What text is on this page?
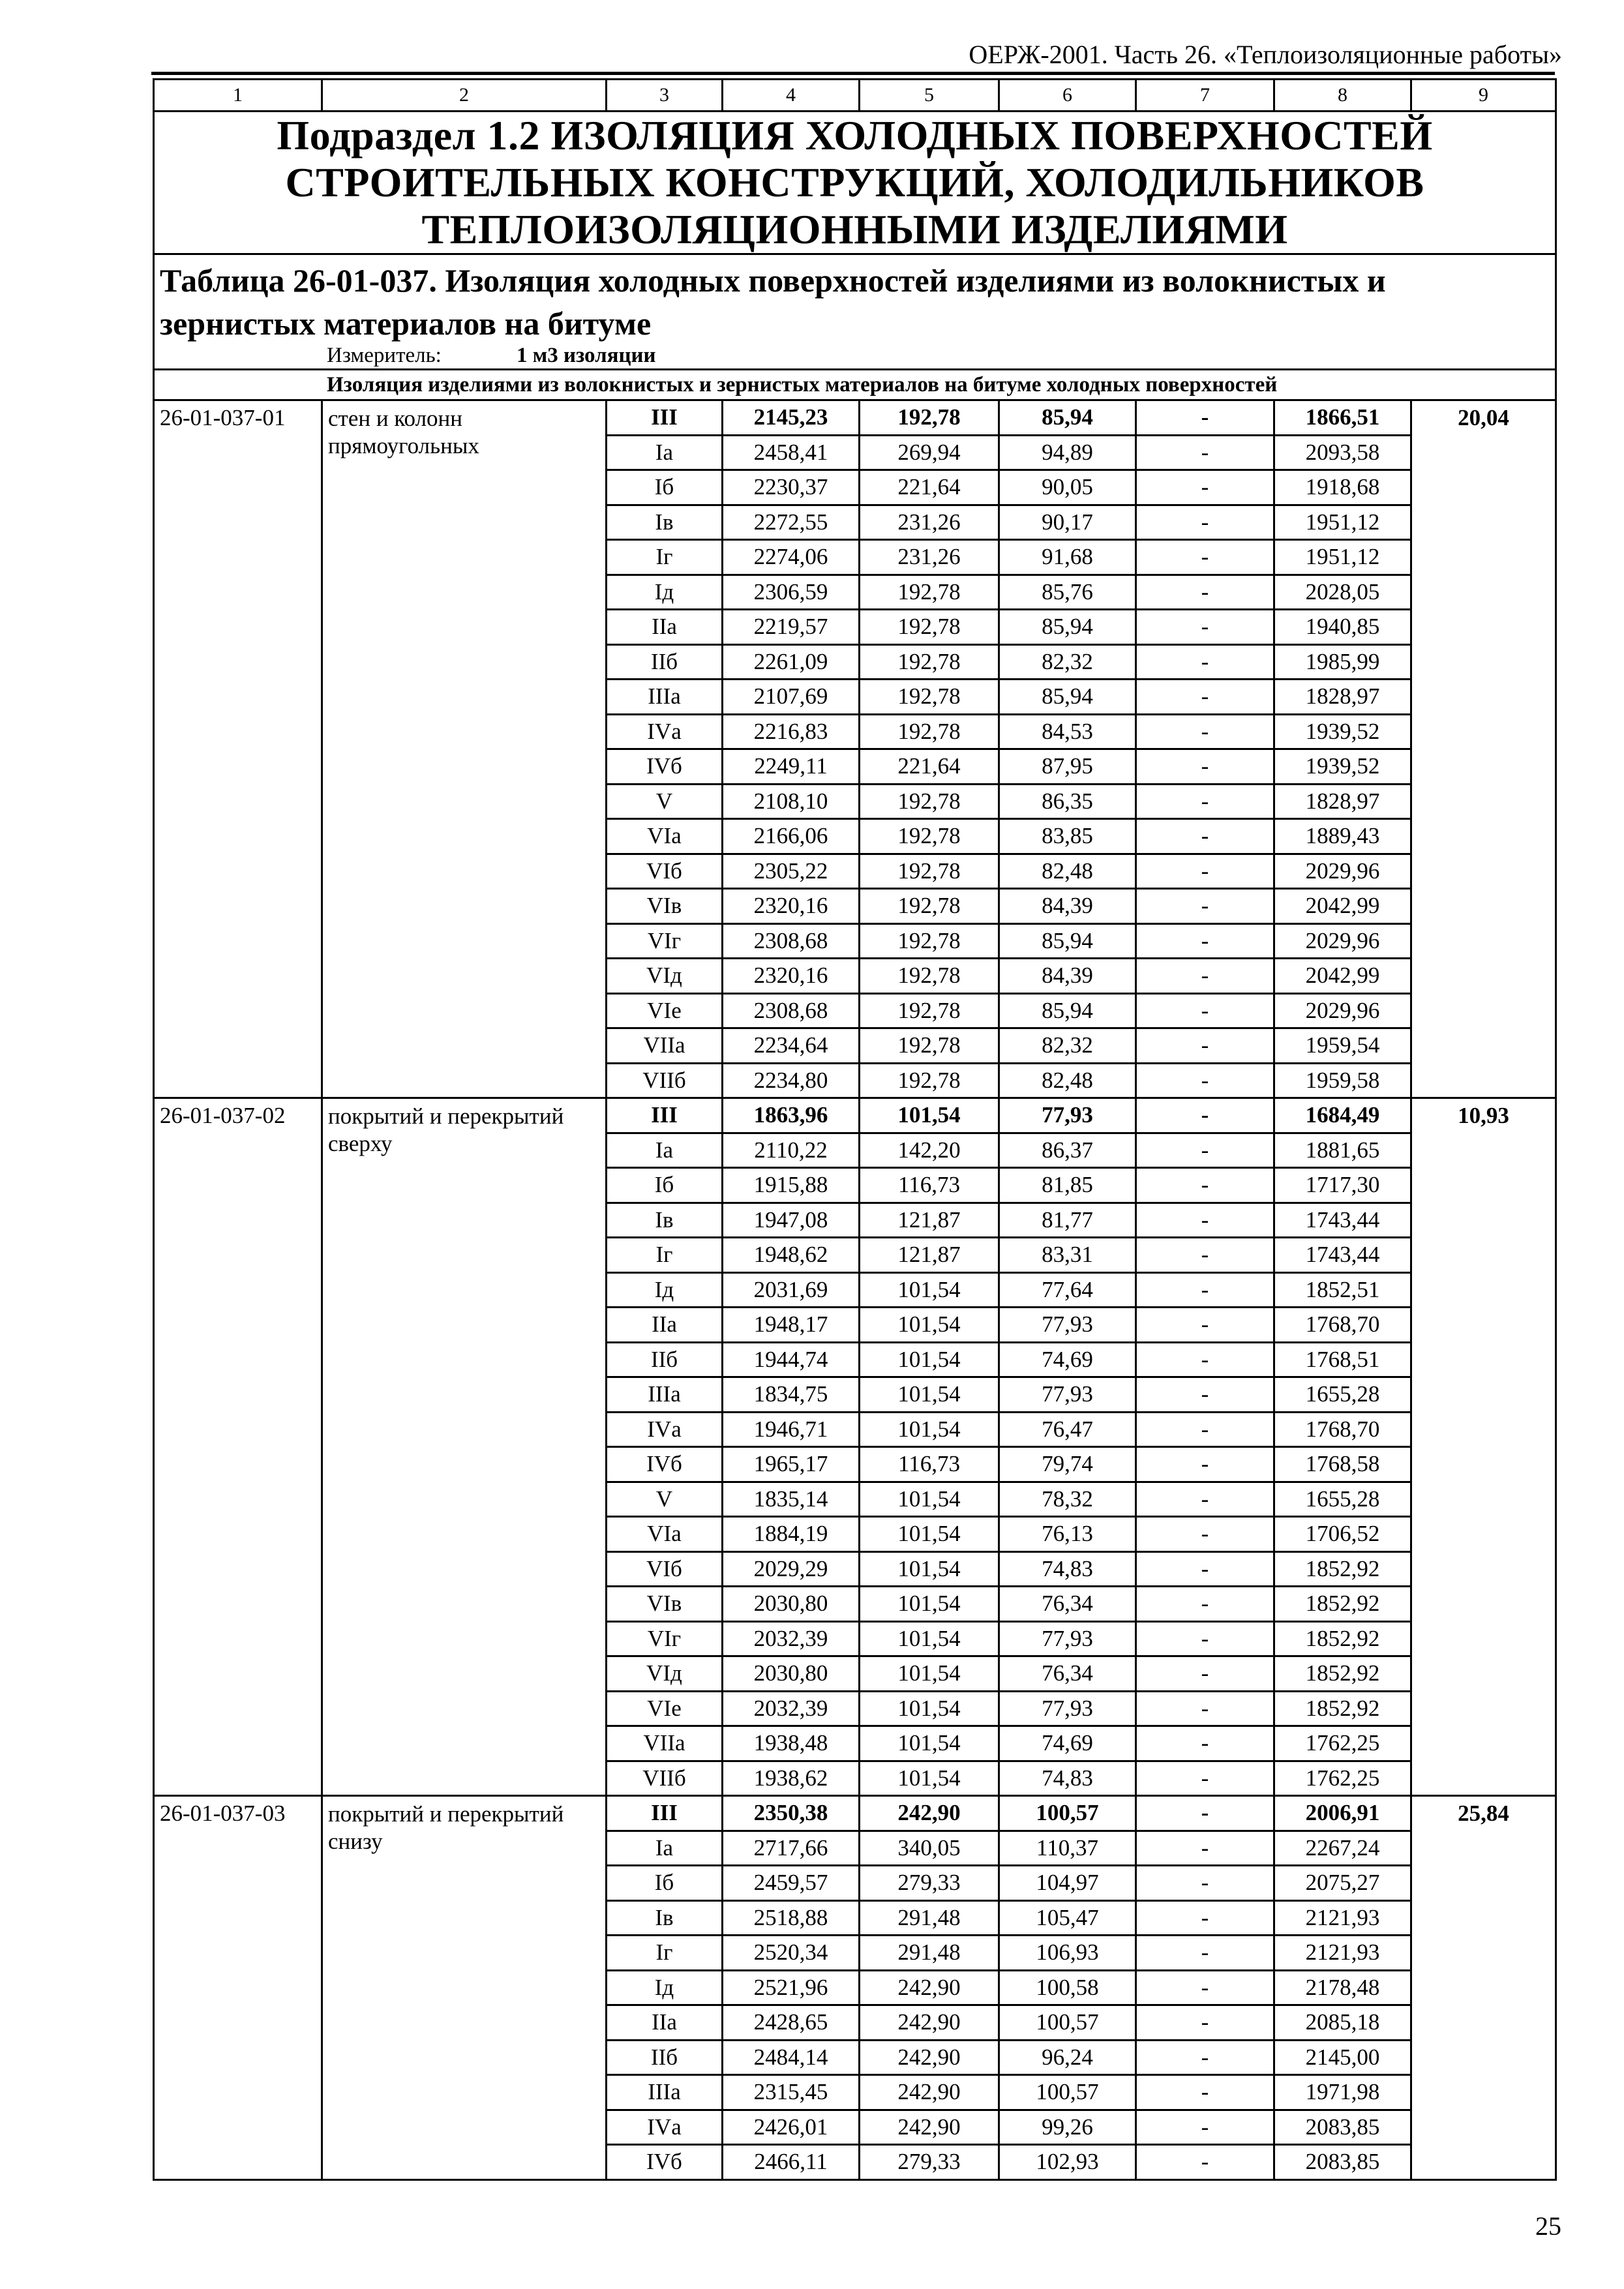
ОЕРЖ-2001. Часть 26. «Теплоизоляционные работы»
1	2	3	4	5	6	7	8	9

Подраздел 1.2 ИЗОЛЯЦИЯ ХОЛОДНЫХ ПОВЕРХНОСТЕЙ
СТРОИТЕЛЬНЫХ КОНСТРУКЦИЙ, ХОЛОДИЛЬНИКОВ
ТЕПЛОИЗОЛЯЦИОННЫМИ ИЗДЕЛИЯМИ								

Таблица 26-01-037. Изоляция холодных поверхностей изделиями из волокнистых и
зернистых материалов на битуме
Измеритель: 1 м3 изоляции								

Изоляция изделиями из волокнистых и зернистых материалов на битуме холодных поверхностей								
26-01-037-01	стен и колонн прямоугольных	III	2145,23	192,78	85,94	-	1866,51	20,04
		Iа	2458,41	269,94	94,89	-	2093,58	
		Iб	2230,37	221,64	90,05	-	1918,68	
		Iв	2272,55	231,26	90,17	-	1951,12	
		Iг	2274,06	231,26	91,68	-	1951,12	
		Iд	2306,59	192,78	85,76	-	2028,05	
		IIа	2219,57	192,78	85,94	-	1940,85	
		IIб	2261,09	192,78	82,32	-	1985,99	
		IIIа	2107,69	192,78	85,94	-	1828,97	
		IVа	2216,83	192,78	84,53	-	1939,52	
		IVб	2249,11	221,64	87,95	-	1939,52	
		V	2108,10	192,78	86,35	-	1828,97	
		VIа	2166,06	192,78	83,85	-	1889,43	
		VIб	2305,22	192,78	82,48	-	2029,96	
		VIв	2320,16	192,78	84,39	-	2042,99	
		VIг	2308,68	192,78	85,94	-	2029,96	
		VIд	2320,16	192,78	84,39	-	2042,99	
		VIе	2308,68	192,78	85,94	-	2029,96	
		VIIа	2234,64	192,78	82,32	-	1959,54	
		VIIб	2234,80	192,78	82,48	-	1959,58	
26-01-037-02	покрытий и перекрытий сверху	III	1863,96	101,54	77,93	-	1684,49	10,93
		Iа	2110,22	142,20	86,37	-	1881,65	
		Iб	1915,88	116,73	81,85	-	1717,30	
		Iв	1947,08	121,87	81,77	-	1743,44	
		Iг	1948,62	121,87	83,31	-	1743,44	
		Iд	2031,69	101,54	77,64	-	1852,51	
		IIа	1948,17	101,54	77,93	-	1768,70	
		IIб	1944,74	101,54	74,69	-	1768,51	
		IIIа	1834,75	101,54	77,93	-	1655,28	
		IVа	1946,71	101,54	76,47	-	1768,70	
		IVб	1965,17	116,73	79,74	-	1768,58	
		V	1835,14	101,54	78,32	-	1655,28	
		VIа	1884,19	101,54	76,13	-	1706,52	
		VIб	2029,29	101,54	74,83	-	1852,92	
		VIв	2030,80	101,54	76,34	-	1852,92	
		VIг	2032,39	101,54	77,93	-	1852,92	
		VIд	2030,80	101,54	76,34	-	1852,92	
		VIе	2032,39	101,54	77,93	-	1852,92	
		VIIа	1938,48	101,54	74,69	-	1762,25	
		VIIб	1938,62	101,54	74,83	-	1762,25	
26-01-037-03	покрытий и перекрытий снизу	III	2350,38	242,90	100,57	-	2006,91	25,84
		Iа	2717,66	340,05	110,37	-	2267,24	
		Iб	2459,57	279,33	104,97	-	2075,27	
		Iв	2518,88	291,48	105,47	-	2121,93	
		Iг	2520,34	291,48	106,93	-	2121,93	
		Iд	2521,96	242,90	100,58	-	2178,48	
		IIа	2428,65	242,90	100,57	-	2085,18	
		IIб	2484,14	242,90	96,24	-	2145,00	
		IIIа	2315,45	242,90	100,57	-	1971,98	
		IVа	2426,01	242,90	99,26	-	2083,85	
		IVб	2466,11	279,33	102,93	-	2083,85	
25
